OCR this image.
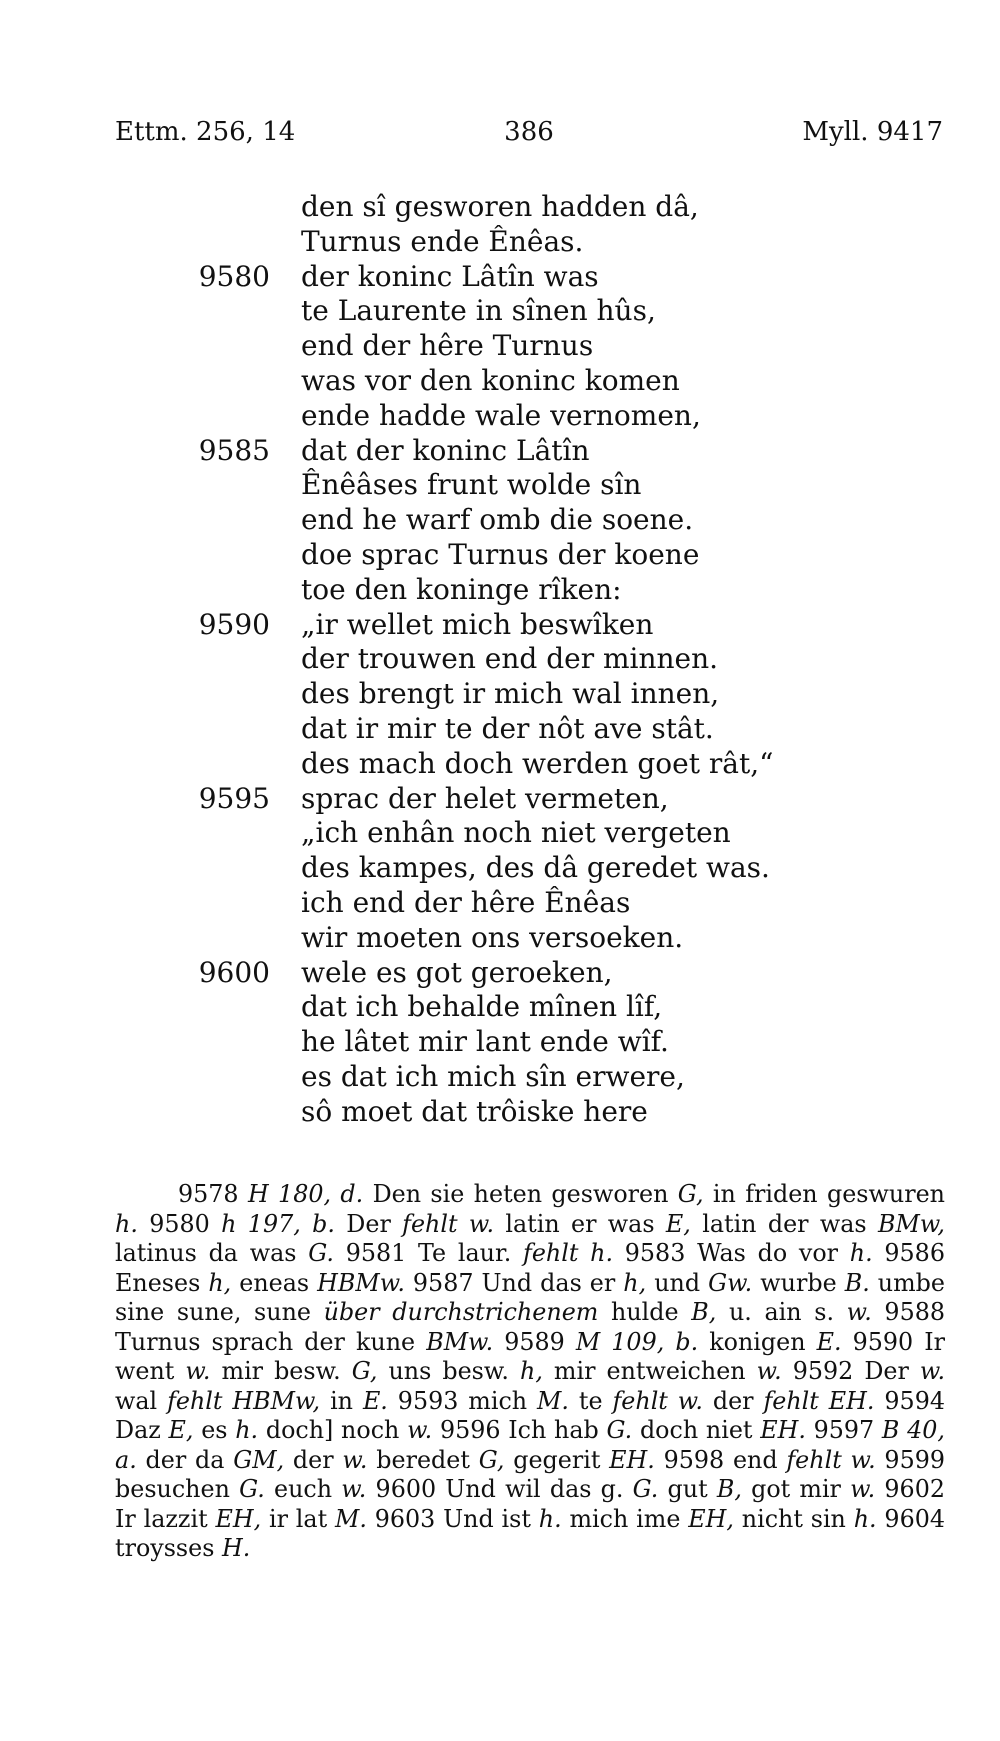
Ettm. 256, 14	386	Myll. 9417
den sî gesworen hadden dâ,
Turnus ende Ênêas.
9580 der koninc Lâtîn was
te Laurente in sînen hûs,
end der hêre Turnus
was vor den koninc komen
ende hadde wale vernomen,
9585 dat der koninc Lâtîn
Ênêâses frunt wolde sîn
end he warf omb die soene.
doe sprac Turnus der koene
toe den koninge rîken:
9590 „ir wellet mich beswîken
der trouwen end der minnen.
des brengt ir mich wal innen,
dat ir mir te der nôt ave stât.
des mach doch werden goet rât,“
9595 sprac der helet vermeten,
„ich enhân noch niet vergeten
des kampes, des dâ geredet was.
ich end der hêre Ênêas
wir moeten ons versoeken.
9600 wele es got geroeken,
dat ich behalde mînen lîf,
he lâtet mir lant ende wîf.
es dat ich mich sîn erwere,
sô moet dat trôiske here

9578 H 180, d. Den sie heten gesworen G, in friden geswuren h. 9580 h 197, b. Der fehlt w. latin er was E, latin der was BMw, latinus da was G. 9581 Te laur. fehlt h. 9583 Was do vor h. 9586 Eneses h, eneas HBMw. 9587 Und das er h, und Gw. wurbe B. umbe sine sune, sune über durchstrichenem hulde B, u. ain s. w. 9588 Turnus sprach der kune BMw. 9589 M 109, b. konigen E. 9590 Ir went w. mir besw. G, uns besw. h, mir entweichen w. 9592 Der w. wal fehlt HBMw, in E. 9593 mich M. te fehlt w. der fehlt EH. 9594 Daz E, es h. doch] noch w. 9596 Ich hab G. doch niet EH. 9597 B 40, a. der da GM, der w. beredet G, gegerit EH. 9598 end fehlt w. 9599 besuchen G. euch w. 9600 Und wil das g. G. gut B, got mir w. 9602 Ir lazzit EH, ir lat M. 9603 Und ist h. mich ime EH, nicht sin h. 9604 troysses H.
